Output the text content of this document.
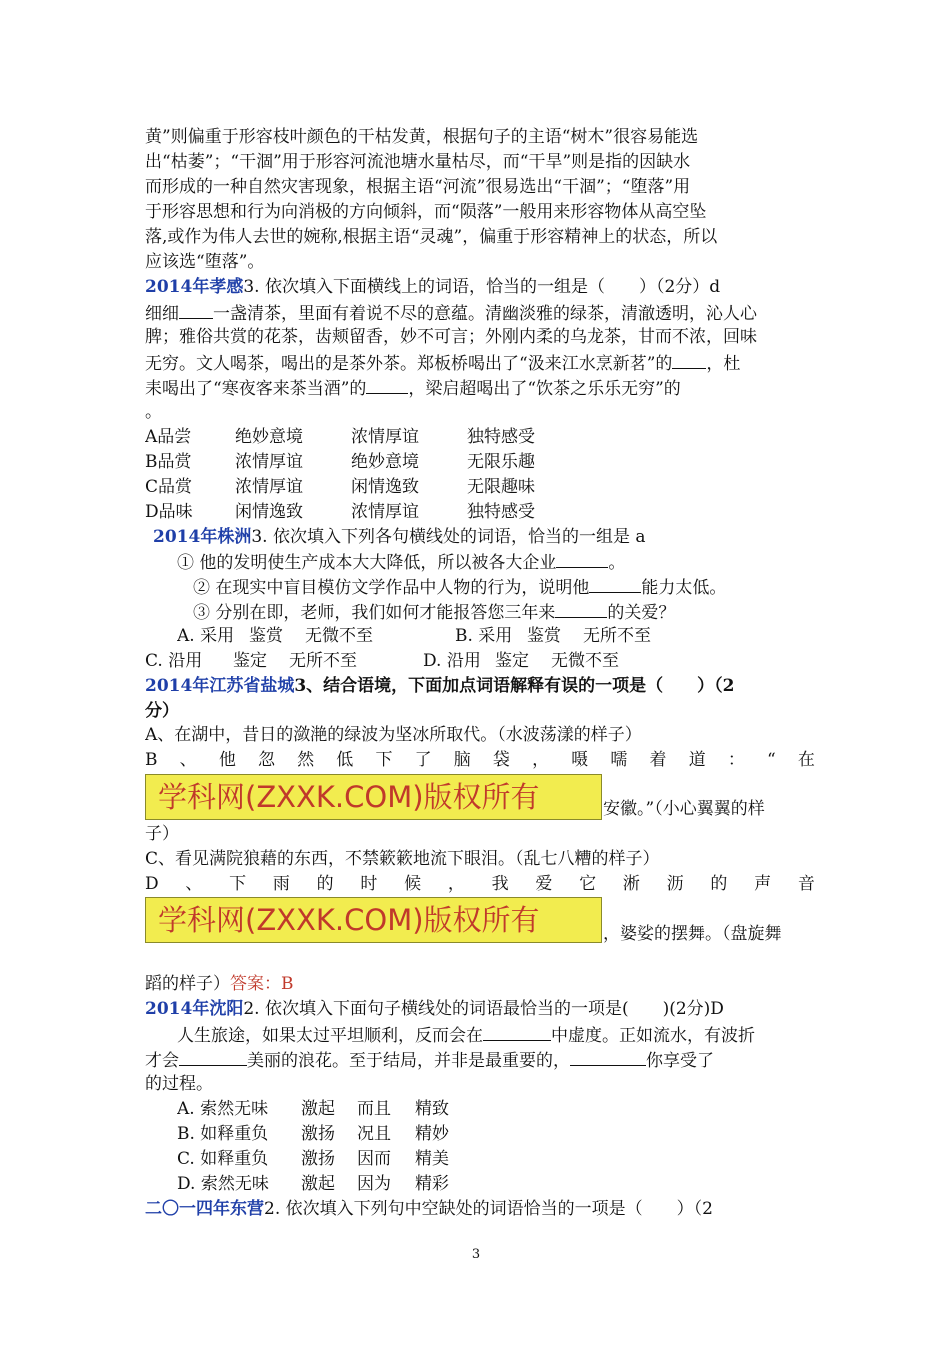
黄”则偏重于形容枝叶颜色的干枯发黄，根据句子的主语“树木”很容易能选
出“枯萎”；“干涸”用于形容河流池塘水量枯尽，而“干旱”则是指的因缺水
而形成的一种自然灾害现象，根据主语“河流”很易选出“干涸”；“堕落”用
于形容思想和行为向消极的方向倾斜，而“陨落”一般用来形容物体从高空坠
落,或作为伟人去世的婉称,根据主语“灵魂”，偏重于形容精神上的状态，所以
应该选“堕落”。
2014年孝感3. 依次填入下面横线上的词语，恰当的一组是（　　）（2分）d
细细 一盏清茶，里面有着说不尽的意蕴。清幽淡雅的绿茶，清澈透明，沁人心
脾；雅俗共赏的花茶，齿颊留香，妙不可言；外刚内柔的乌龙茶，甘而不浓，回味
无穷。文人喝茶，喝出的是茶外茶。郑板桥喝出了“汲来江水烹新茗”的 ，杜
耒喝出了“寒夜客来茶当酒”的 ，梁启超喝出了“饮茶之乐乐无穷”的
。
A品尝	绝妙意境	浓情厚谊	独特感受
B品赏	浓情厚谊	绝妙意境	无限乐趣
C品赏	浓情厚谊	闲情逸致	无限趣味
D品味 闲情逸致	浓情厚谊	独特感受
2014年株洲3. 依次填入下列各句横线处的词语，恰当的一组是 a
① 他的发明使生产成本大大降低，所以被各大企业	。
② 在现实中盲目模仿文学作品中人物的行为，说明他	能力太低。
③ 分别在即，老师，我们如何才能报答您三年来	的关爱？
A. 采用 鉴赏 无微不至	B. 采用 鉴赏 无所不至
C. 沿用 鉴定 无所不至	D. 沿用 鉴定 无微不至
2014年江苏省盐城3、结合语境，下面加点词语解释有误的一项是（　　）（2
分）
A、在湖中，昔日的潋滟的绿波为坚冰所取代。（水波荡漾的样子）
B 、 他 忽 然 低 下 了 脑 袋 ， 嗫 • 嚅 • 着 道 ： “ 在
学科网(ZXXK.COM)版权所有	安徽。”（小心翼翼的样
子）
C、看见满院狼藉的东西，不禁簌簌地流下眼泪。（乱七八糟的样子）
D 、 下 雨 的 • 时 候 ， 我 爱 它 淅 沥 的 声 音
学科网(ZXXK.COM)版权所有	，婆娑的摆舞。（盘旋舞
蹈的样子）答案：B
2014年沈阳2. 依次填入下面句子横线处的词语最恰当的一项是(　　)(2分)D
人生旅途，如果太过平坦顺利，反而会在	中虚度。正如流水，有波折
才会	美丽的浪花。至于结局，并非是最重要的，	你享受了
的过程。
A. 索然无味 激起 而且 精致
B. 如释重负 激扬 况且 精妙
C. 如释重负 激扬 因而 精美
D. 索然无味 激起 因为 精彩
二〇一四年东营2. 依次填入下列句中空缺处的词语恰当的一项是（　　）（2
3
